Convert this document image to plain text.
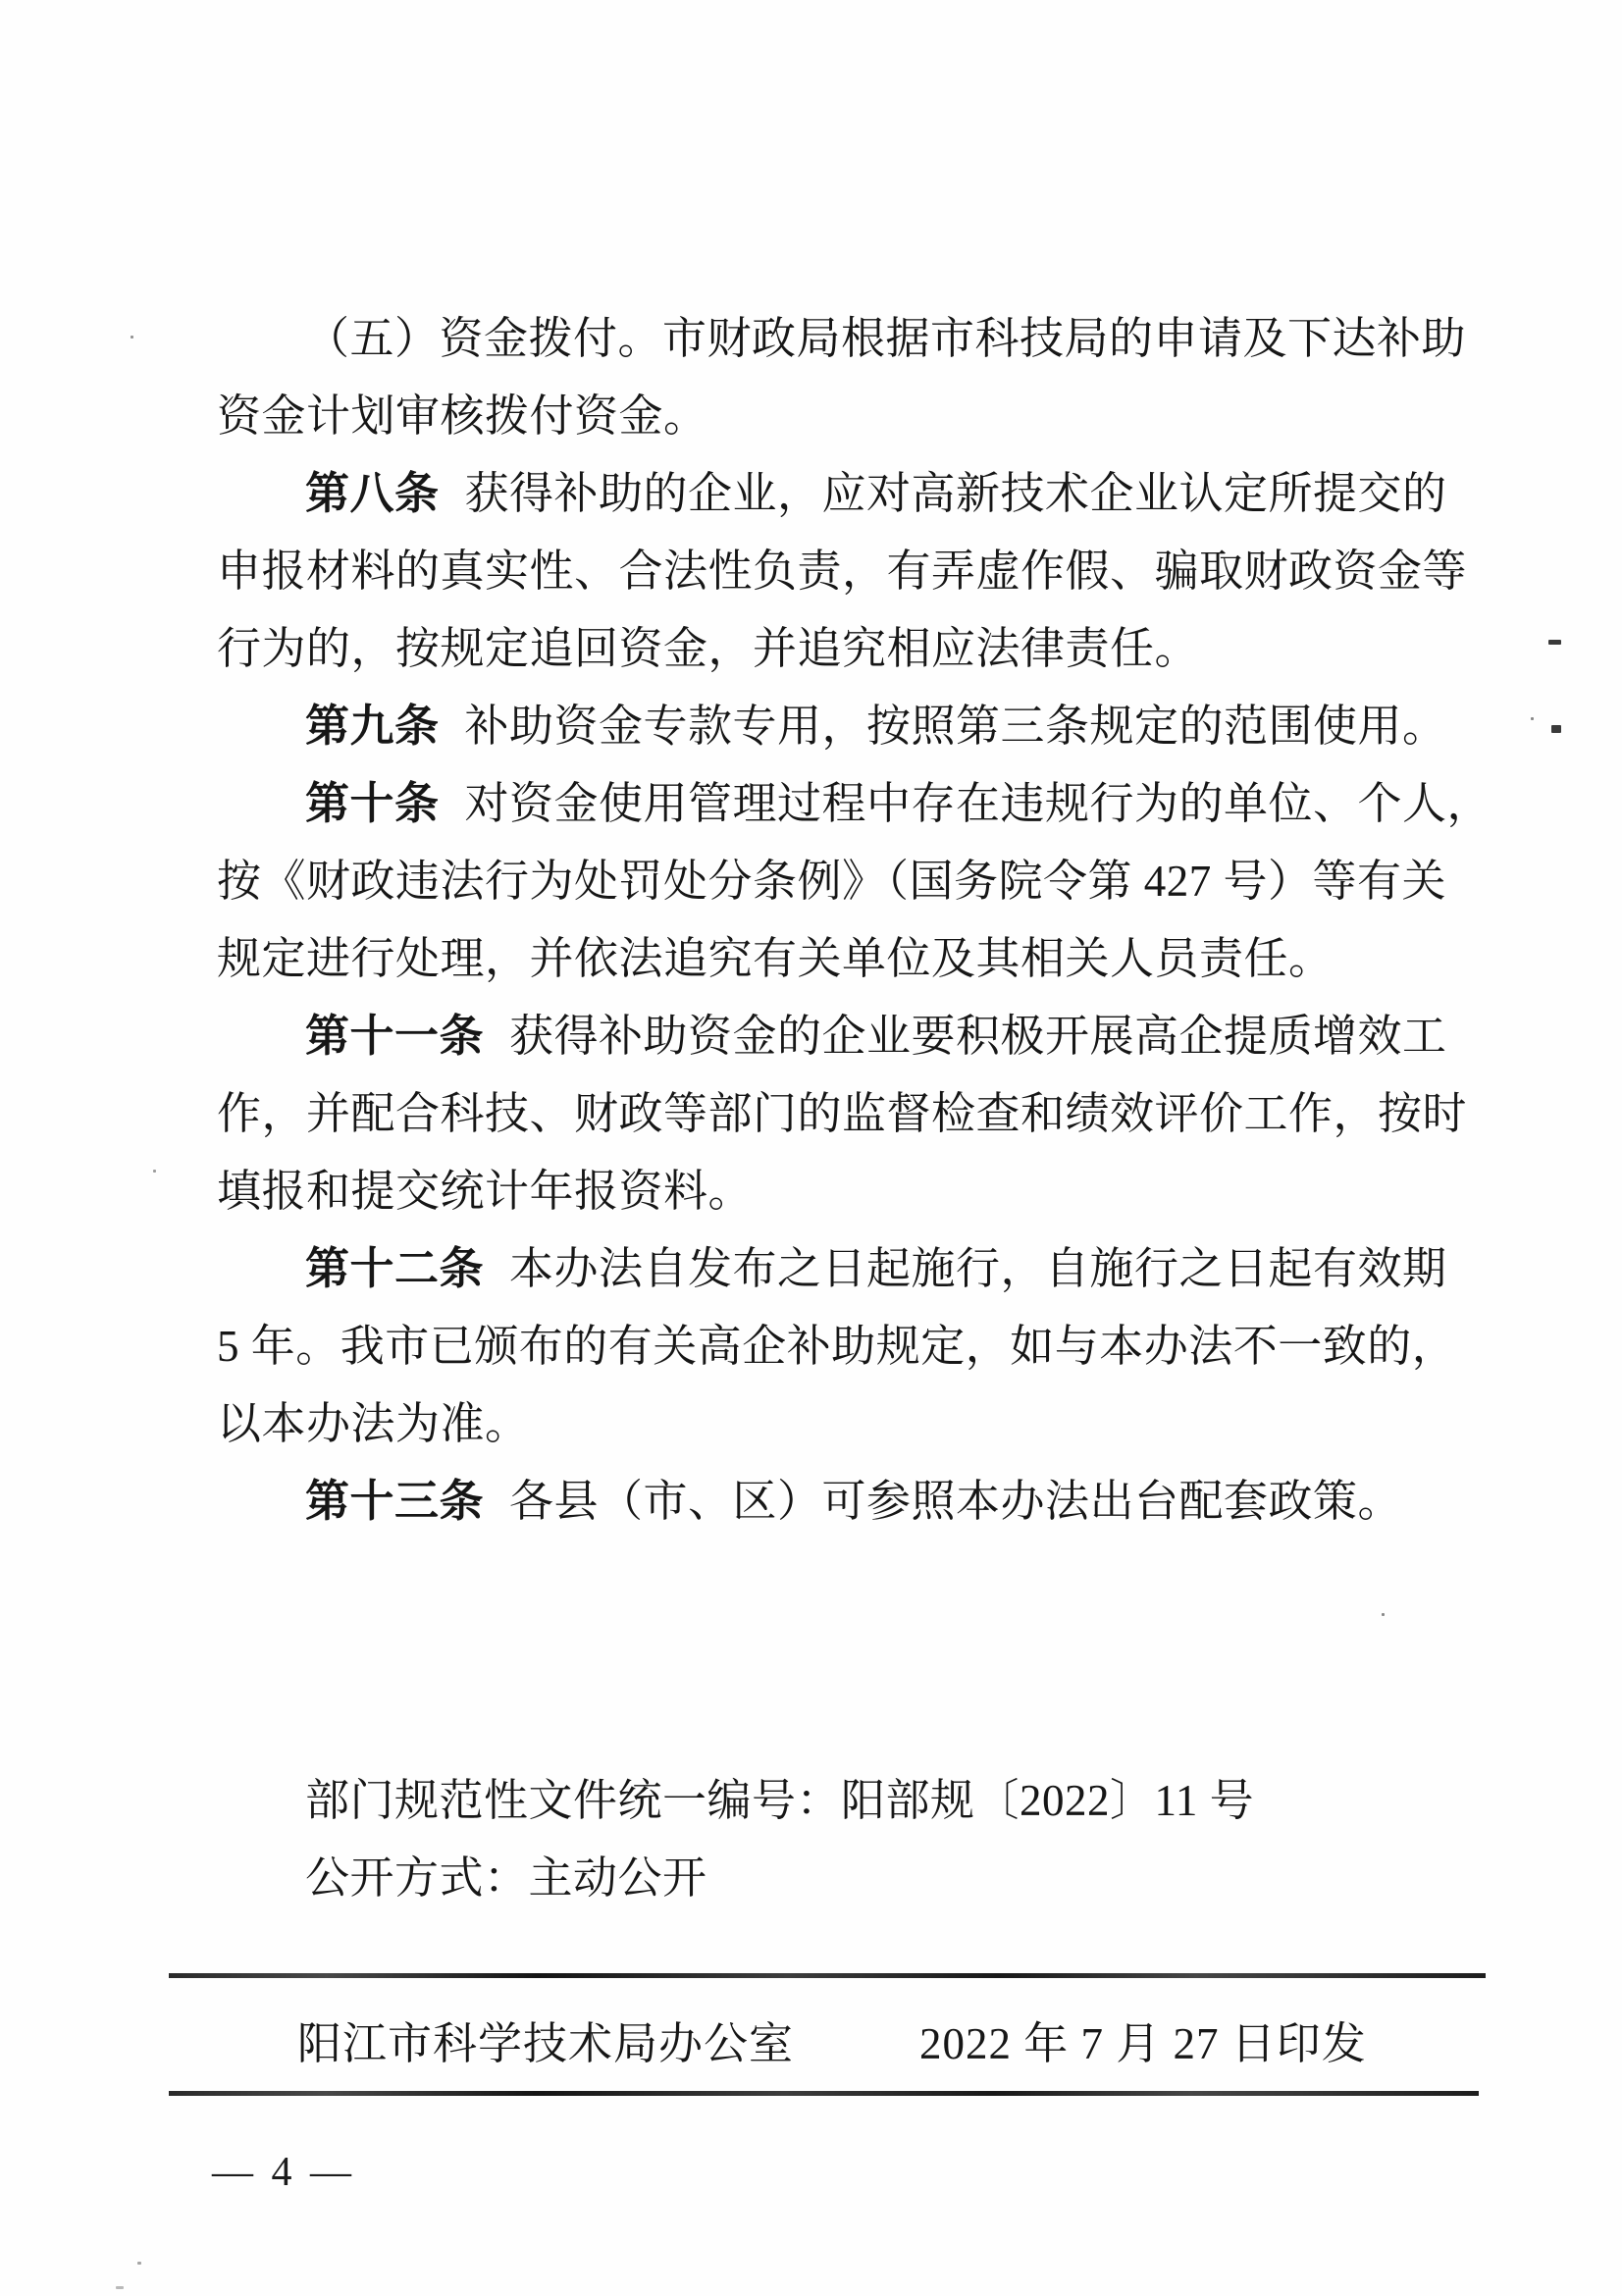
（五）资金拨付。市财政局根据市科技局的申请及下达补助
资金计划审核拨付资金。
第八条 获得补助的企业，应对高新技术企业认定所提交的
申报材料的真实性、合法性负责，有弄虚作假、骗取财政资金等
行为的，按规定追回资金，并追究相应法律责任。
第九条 补助资金专款专用，按照第三条规定的范围使用。
第十条 对资金使用管理过程中存在违规行为的单位、个人，
按《财政违法行为处罚处分条例》（国务院令第 427 号）等有关
规定进行处理，并依法追究有关单位及其相关人员责任。
第十一条 获得补助资金的企业要积极开展高企提质增效工
作，并配合科技、财政等部门的监督检查和绩效评价工作，按时
填报和提交统计年报资料。
第十二条 本办法自发布之日起施行，自施行之日起有效期
5 年。我市已颁布的有关高企补助规定，如与本办法不一致的，
以本办法为准。
第十三条 各县（市、区）可参照本办法出台配套政策。
部门规范性文件统一编号：阳部规〔2022〕11 号
公开方式：主动公开
阳江市科学技术局办公室	2022 年 7 月 27 日印发
— 4 —
